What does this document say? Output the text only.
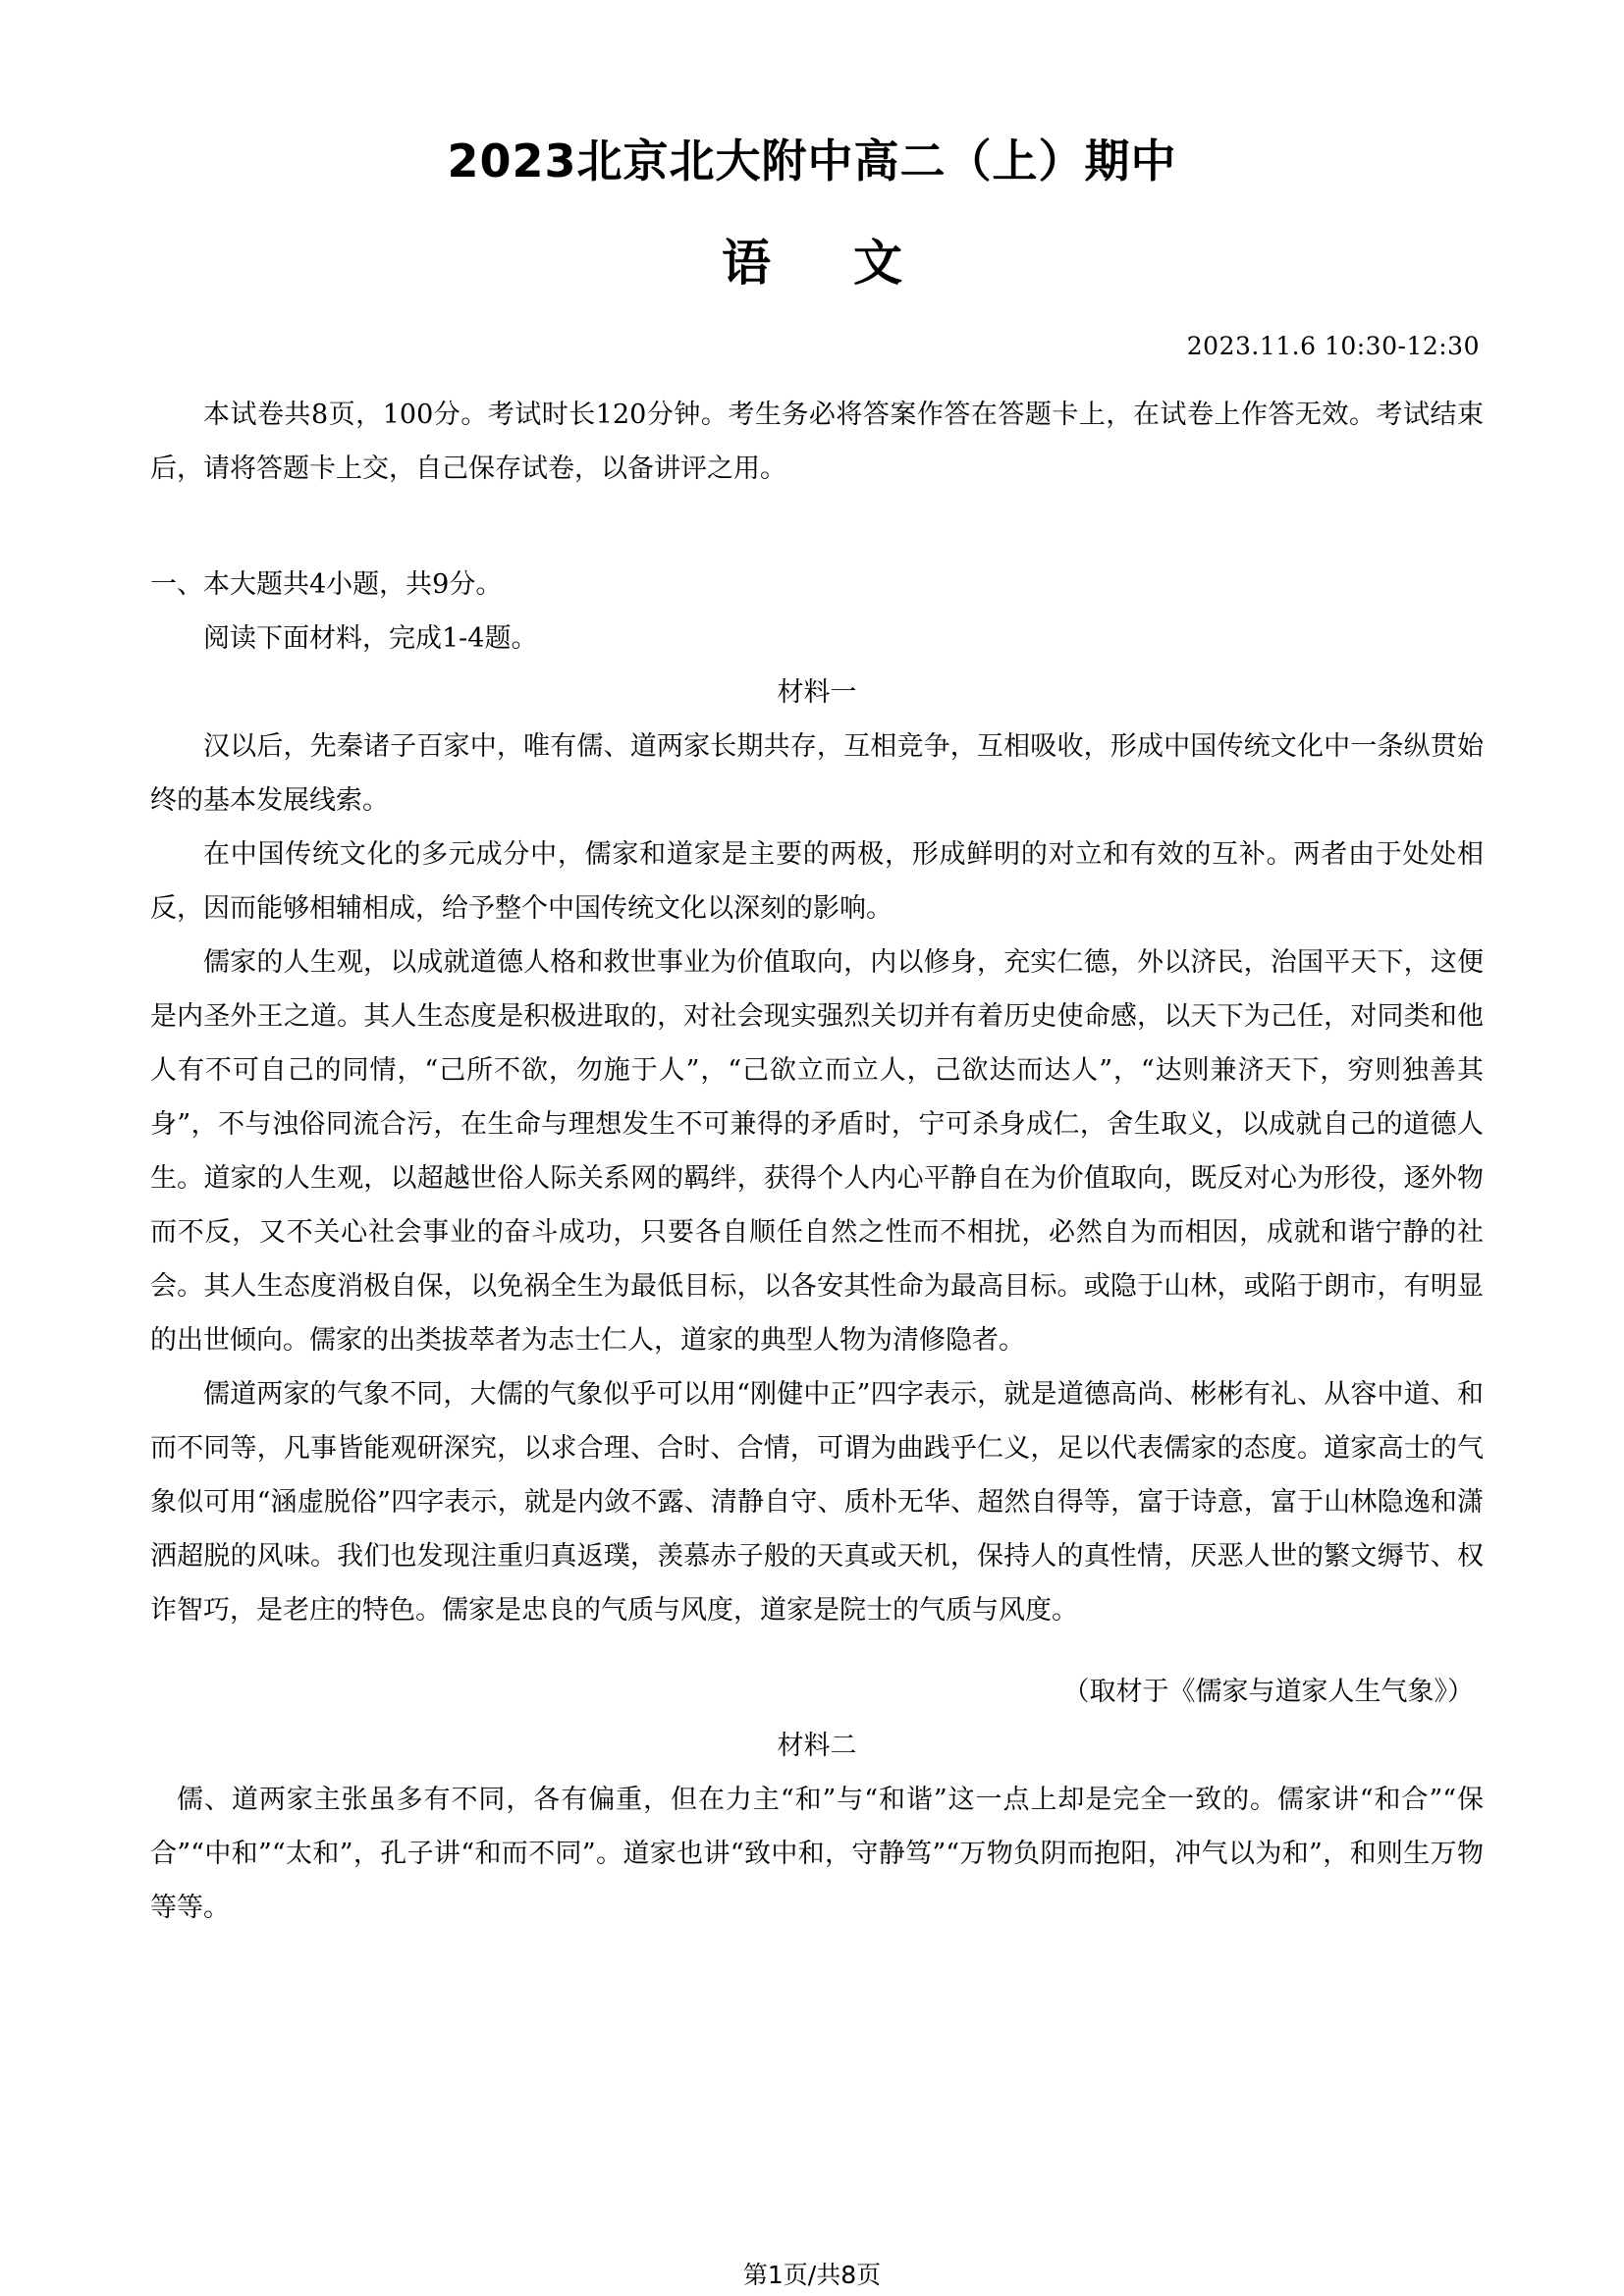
2023北京北大附中高二（上）期中
语文
2023.11.6 10:30-12:30

本试卷共8页，100分。考试时长120分钟。考生务必将答案作答在答题卡上，在试卷上作答无效。考试结束后，请将答题卡上交，自己保存试卷，以备讲评之用。

一、本大题共4小题，共9分。

阅读下面材料，完成1-4题。

材料一

汉以后，先秦诸子百家中，唯有儒、道两家长期共存，互相竞争，互相吸收，形成中国传统文化中一条纵贯始终的基本发展线索。

在中国传统文化的多元成分中，儒家和道家是主要的两极，形成鲜明的对立和有效的互补。两者由于处处相反，因而能够相辅相成，给予整个中国传统文化以深刻的影响。

儒家的人生观，以成就道德人格和救世事业为价值取向，内以修身，充实仁德，外以济民，治国平天下，这便是内圣外王之道。其人生态度是积极进取的，对社会现实强烈关切并有着历史使命感，以天下为己任，对同类和他人有不可自己的同情，“己所不欲，勿施于人”，“己欲立而立人，己欲达而达人”，“达则兼济天下，穷则独善其身”，不与浊俗同流合污，在生命与理想发生不可兼得的矛盾时，宁可杀身成仁，舍生取义，以成就自己的道德人生。道家的人生观，以超越世俗人际关系网的羁绊，获得个人内心平静自在为价值取向，既反对心为形役，逐外物而不反，又不关心社会事业的奋斗成功，只要各自顺任自然之性而不相扰，必然自为而相因，成就和谐宁静的社会。其人生态度消极自保，以免祸全生为最低目标，以各安其性命为最高目标。或隐于山林，或陷于朗市，有明显的出世倾向。儒家的出类拔萃者为志士仁人，道家的典型人物为清修隐者。

儒道两家的气象不同，大儒的气象似乎可以用“刚健中正”四字表示，就是道德高尚、彬彬有礼、从容中道、和而不同等，凡事皆能观研深究，以求合理、合时、合情，可谓为曲践乎仁义，足以代表儒家的态度。道家高士的气象似可用“涵虚脱俗”四字表示，就是内敛不露、清静自守、质朴无华、超然自得等，富于诗意，富于山林隐逸和潇洒超脱的风味。我们也发现注重归真返璞，羡慕赤子般的天真或天机，保持人的真性情，厌恶人世的繁文缛节、权诈智巧，是老庄的特色。儒家是忠良的气质与风度，道家是院士的气质与风度。

（取材于《儒家与道家人生气象》）

材料二

儒、道两家主张虽多有不同，各有偏重，但在力主“和”与“和谐”这一点上却是完全一致的。儒家讲“和合”“保合”“中和”“太和”，孔子讲“和而不同”。道家也讲“致中和，守静笃”“万物负阴而抱阳，冲气以为和”，和则生万物等等。

第1页/共8页
